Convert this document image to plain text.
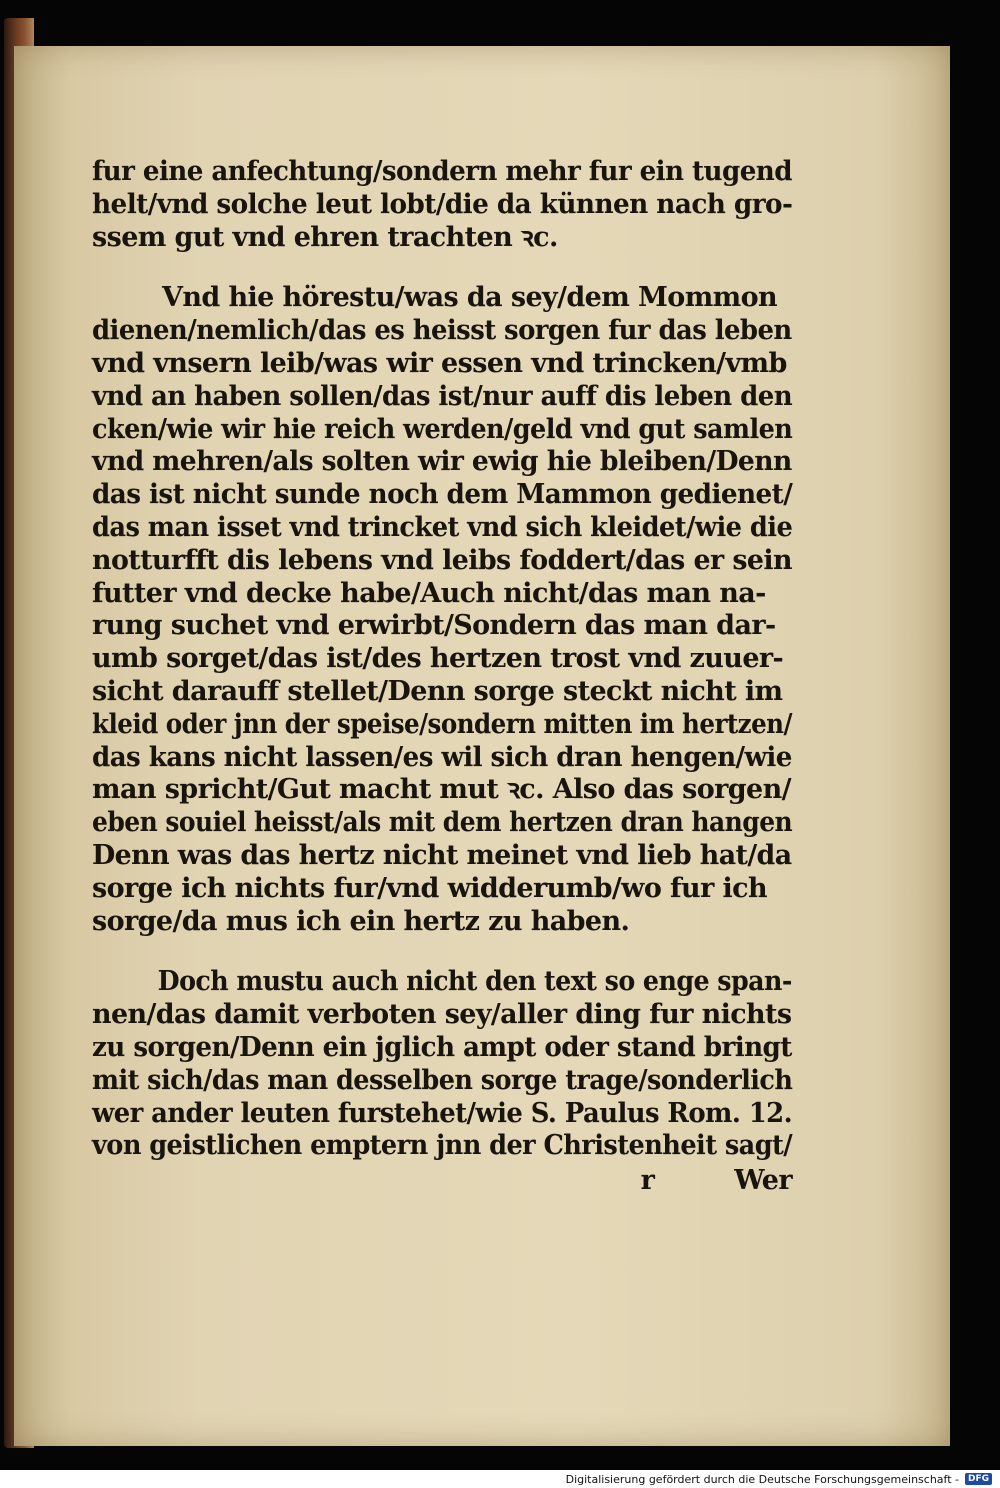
fur eine anfechtung/sondern mehr fur ein tugend
helt/vnd solche leut lobt/die da künnen nach gro-
ssem gut vnd ehren trachten ꝛc.
Vnd hie hörestu/was da sey/dem Mommon
dienen/nemlich/das es heisst sorgen fur das leben
vnd vnsern leib/was wir essen vnd trincken/vmb
vnd an haben sollen/das ist/nur auff dis leben den
cken/wie wir hie reich werden/geld vnd gut samlen
vnd mehren/als solten wir ewig hie bleiben/Denn
das ist nicht sunde noch dem Mammon gedienet/
das man isset vnd trincket vnd sich kleidet/wie die
notturfft dis lebens vnd leibs foddert/das er sein
futter vnd decke habe/Auch nicht/das man na-
rung suchet vnd erwirbt/Sondern das man dar-
umb sorget/das ist/des hertzen trost vnd zuuer-
sicht darauff stellet/Denn sorge steckt nicht im
kleid oder jnn der speise/sondern mitten im hertzen/
das kans nicht lassen/es wil sich dran hengen/wie
man spricht/Gut macht mut ꝛc. Also das sorgen/
eben souiel heisst/als mit dem hertzen dran hangen
Denn was das hertz nicht meinet vnd lieb hat/da
sorge ich nichts fur/vnd widderumb/wo fur ich
sorge/da mus ich ein hertz zu haben.
Doch mustu auch nicht den text so enge span-
nen/das damit verboten sey/aller ding fur nichts
zu sorgen/Denn ein jglich ampt oder stand bringt
mit sich/das man desselben sorge trage/sonderlich
wer ander leuten furstehet/wie S. Paulus Rom. 12.
von geistlichen emptern jnn der Christenheit sagt/
r	Wer
Digitalisierung gefördert durch die Deutsche Forschungsgemeinschaft -	DFG
